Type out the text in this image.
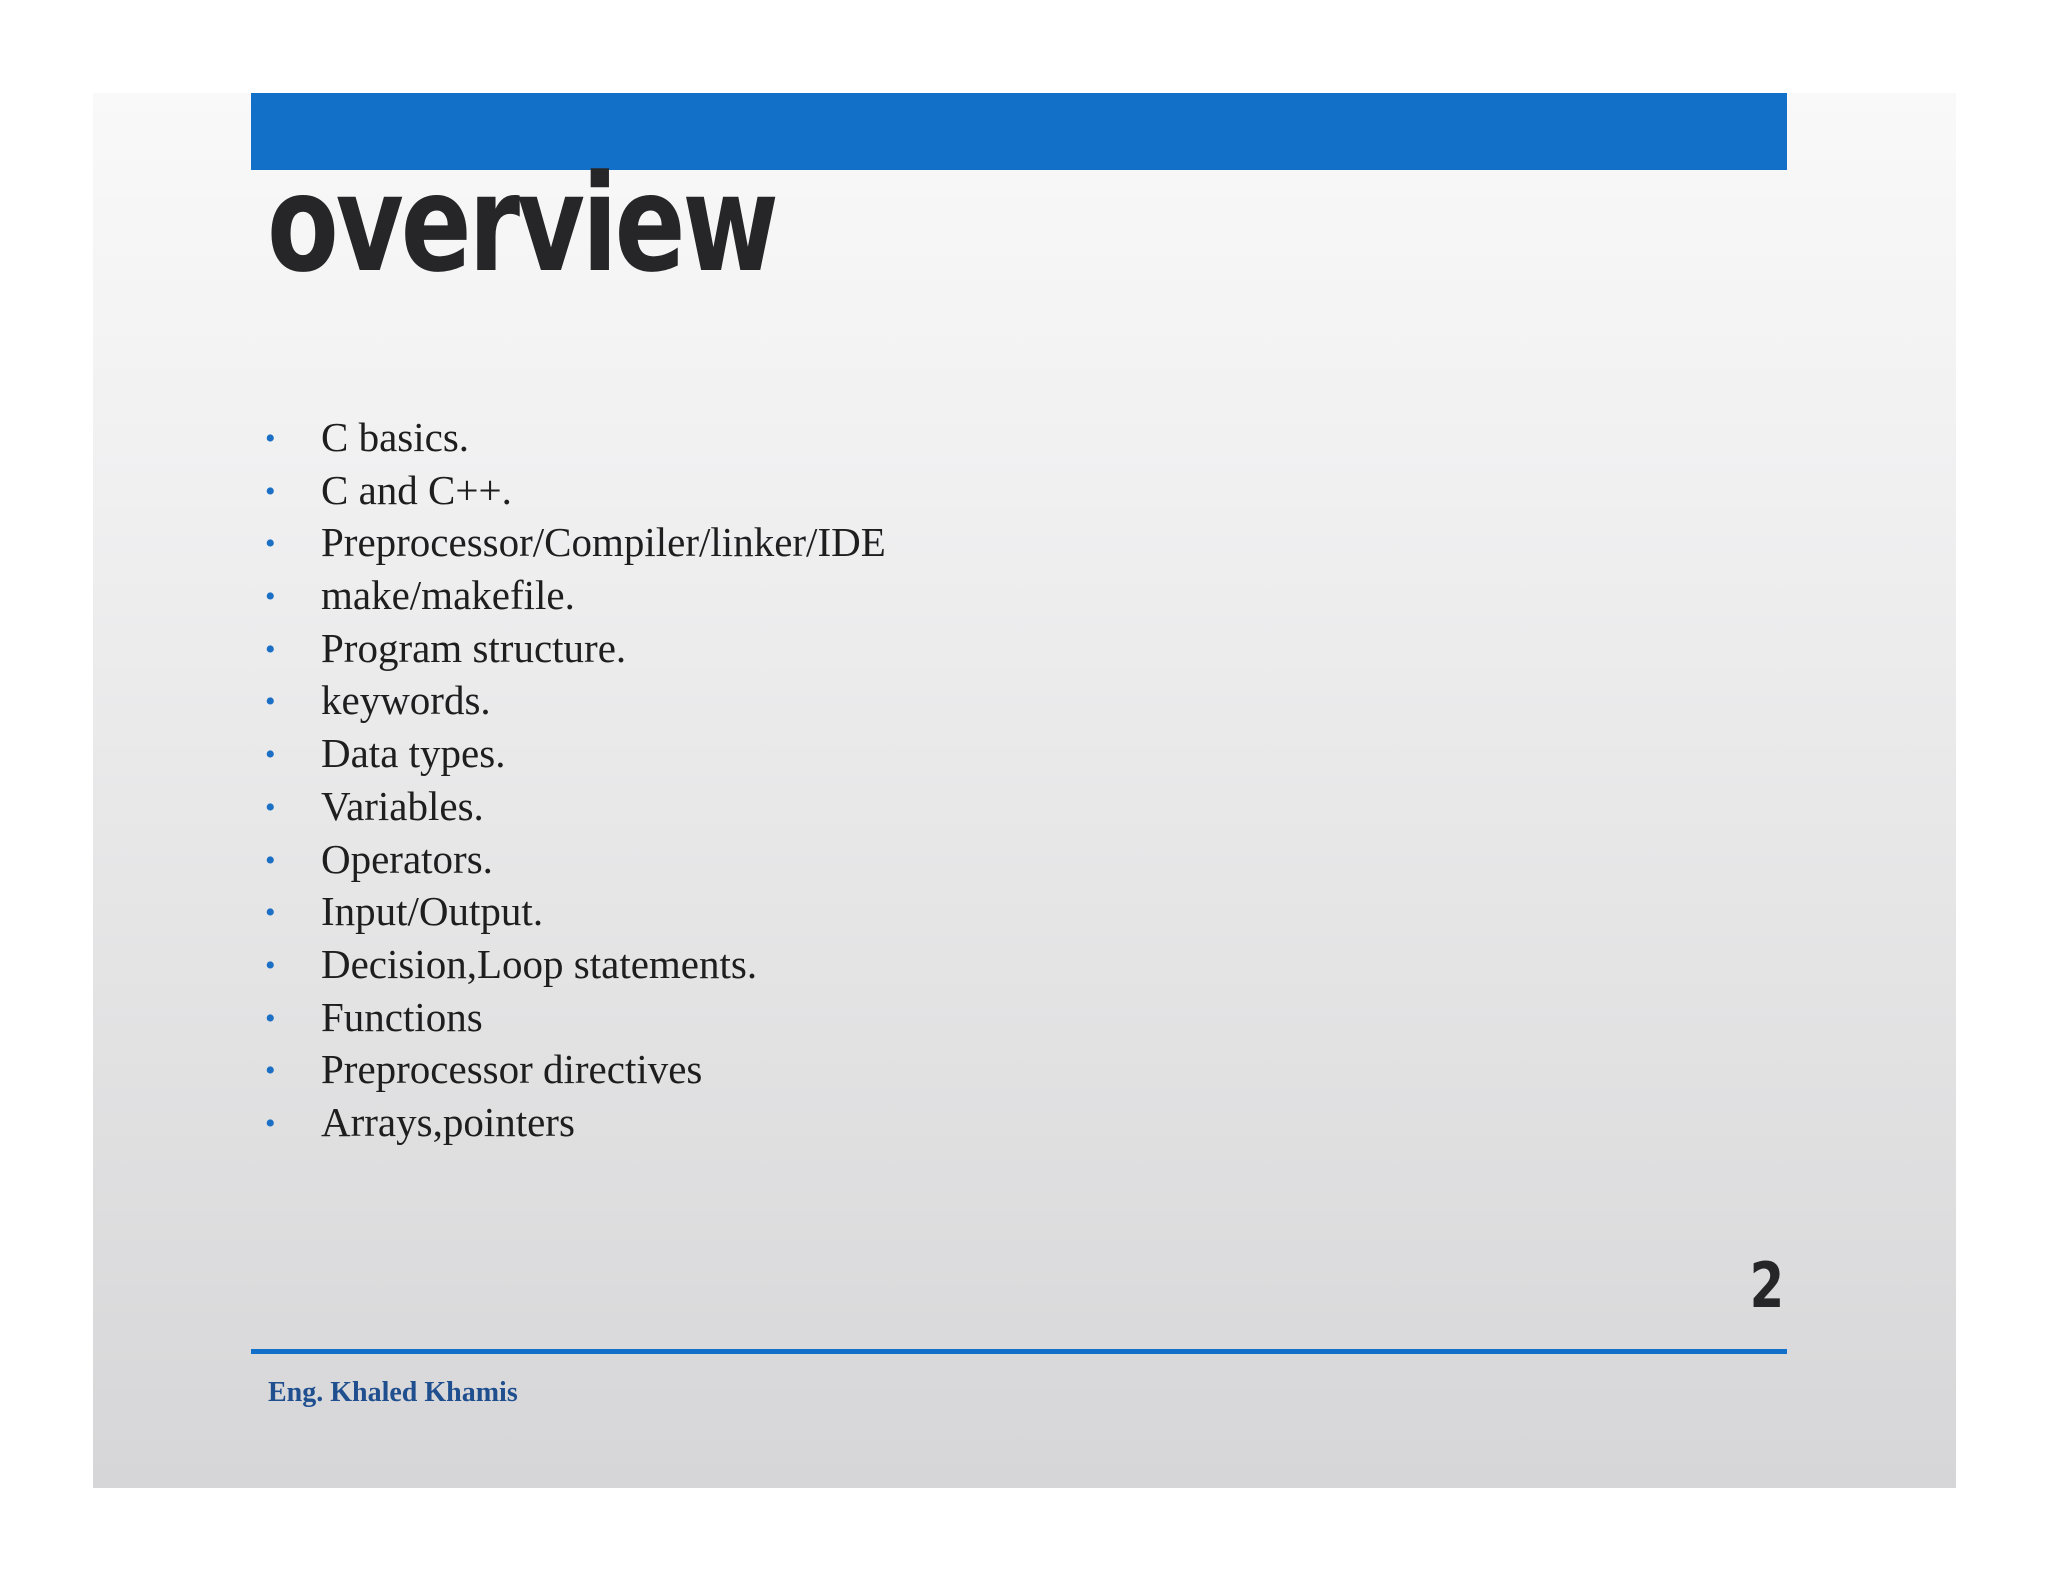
overview
•	C basics.
•	C and C++.
•	Preprocessor/Compiler/linker/IDE
•	make/makefile.
•	Program structure.
•	keywords.
•	Data types.
•	Variables.
•	Operators.
•	Input/Output.
•	Decision,Loop statements.
•	Functions
•	Preprocessor directives
•	Arrays,pointers
2
Eng. Khaled Khamis
